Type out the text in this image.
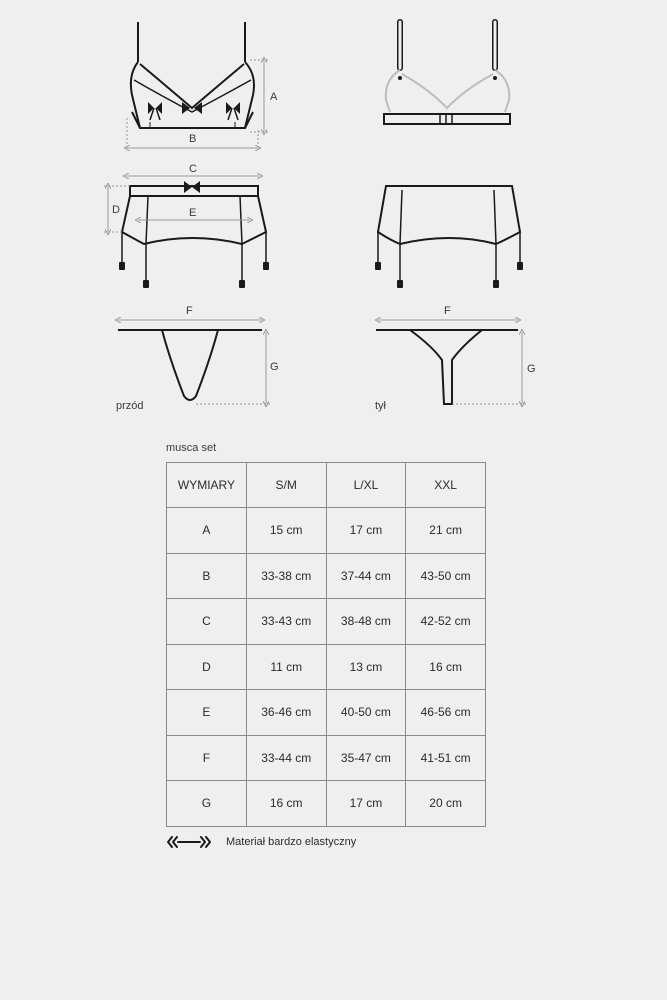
A
B
C
D	E
F
G
przód
F
G
tył
musca set
WYMIARY	S/M	L/XL	XXL
A	15 cm	17 cm	21 cm
B	33-38 cm	37-44 cm	43-50 cm
C	33-43 cm	38-48 cm	42-52 cm
D	11 cm	13 cm	16 cm
E	36-46 cm	40-50 cm	46-56 cm
F	33-44 cm	35-47 cm	41-51 cm
G	16 cm	17 cm	20 cm
Materiał bardzo elastyczny
